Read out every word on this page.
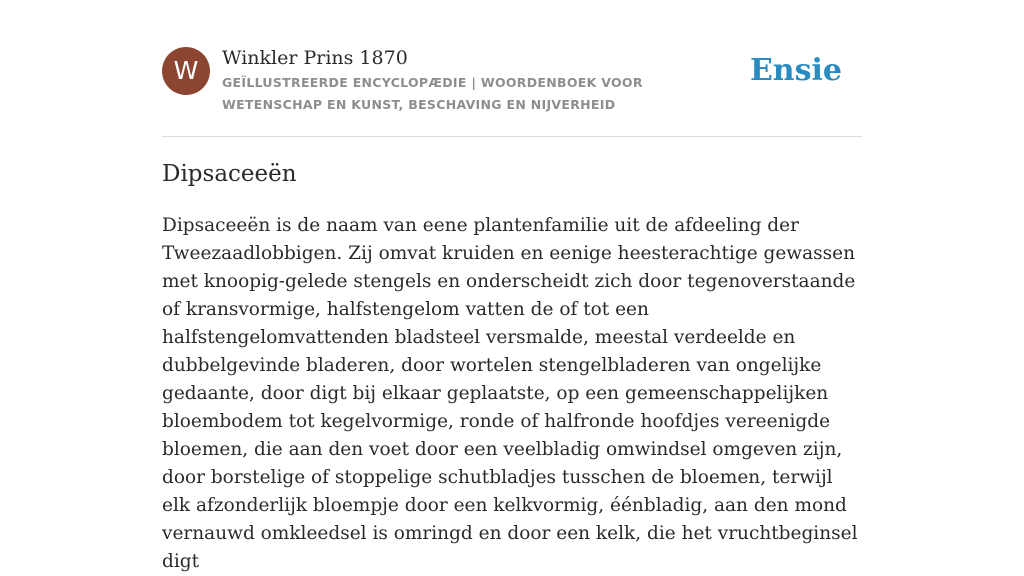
W	Winkler Prins 1870
GEÏLLUSTREERDE ENCYCLOPÆDIE | WOORDENBOEK VOOR WETENSCHAP EN KUNST, BESCHAVING EN NIJVERHEID
Ensie
Dipsaceeën

Dipsaceeën is de naam van eene plantenfamilie uit de afdeeling der Tweezaadlobbigen. Zij omvat kruiden en eenige heesterachtige gewassen met knoopig-gelede stengels en onderscheidt zich door tegenoverstaande of kransvormige, halfstengelom vatten de of tot een halfstengelomvattenden bladsteel versmalde, meestal verdeelde en dubbelgevinde bladeren, door wortelen stengelbladeren van ongelijke gedaante, door digt bij elkaar geplaatste, op een gemeenschappelijken bloembodem tot kegelvormige, ronde of halfronde hoofdjes vereenigde bloemen, die aan den voet door een veelbladig omwindsel omgeven zijn, door borstelige of stoppelige schutbladjes tusschen de bloemen, terwijl elk afzonderlijk bloempje door een kelkvormig, éénbladig, aan den mond vernauwd omkleedsel is omringd en door een kelk, die het vruchtbeginsel digt
